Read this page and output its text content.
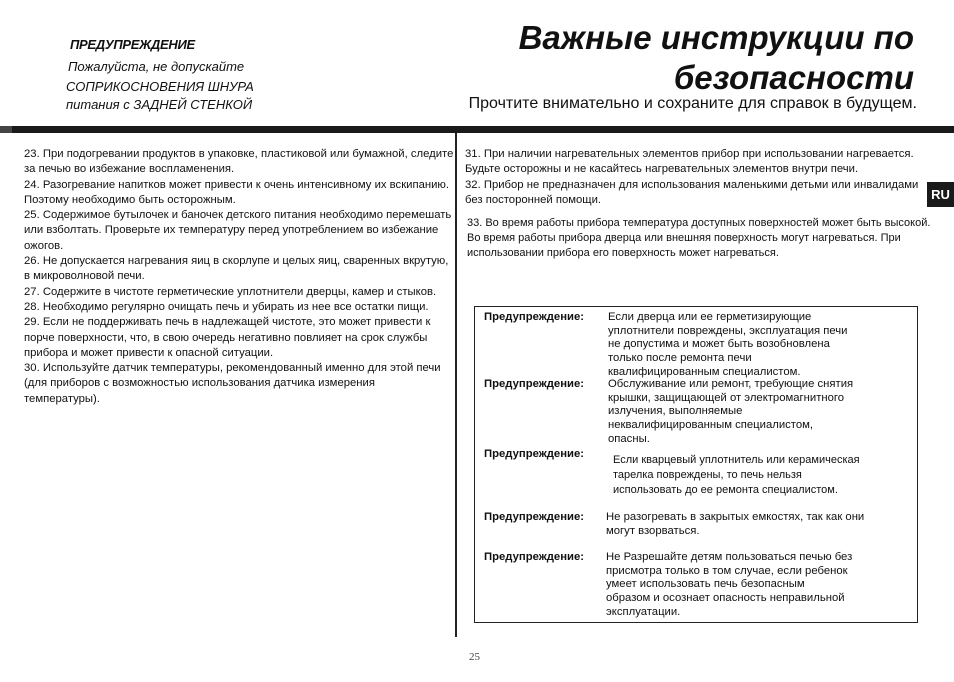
ПРЕДУПРЕЖДЕНИЕ
Пожалуйста, не допускайте
СОПРИКОСНОВЕНИЯ ШНУРА
питания с ЗАДНЕЙ СТЕНКОЙ
Важные инструкции по
безопасности
Прочтите внимательно и сохраните для справок в будущем.

23. При подогревании продуктов в упаковке, пластиковой или бумажной, следите за печью во избежание воспламенения.

24. Разогревание напитков может привести к очень интенсивному их вскипанию. Поэтому необходимо быть осторожным.

25. Содержимое бутылочек и баночек детского питания необходимо перемешать или взболтать. Проверьте их температуру перед употреблением во избежание ожогов.

26. Не допускается нагревания яиц в скорлупе и целых яиц, сваренных вкрутую, в микроволновой печи.

27. Содержите в чистоте герметические уплотнители дверцы, камер и стыков.

28. Необходимо регулярно очищать печь и убирать из нее все остатки пищи.

29. Если не поддерживать печь в надлежащей чистоте, это может привести к порче поверхности, что, в свою очередь негативно повлияет на срок службы прибора и может привести к опасной ситуации.

30. Используйте датчик температуры, рекомендованный именно для этой печи (для приборов с возможностью использования датчика измерения температуры).

31. При наличии нагревательных элементов прибор при использовании нагревается. Будьте осторожны и не касайтесь нагревательных элементов внутри печи.

32. Прибор не предназначен для использования маленькими детьми или инвалидами без посторонней помощи.

33. Во время работы прибора температура доступных поверхностей может быть высокой. Во время работы прибора дверца или внешняя поверхность могут нагреваться. При использовании прибора его поверхность может нагреваться.

RU
Предупреждение: Если дверца или ее герметизирующие

уплотнители повреждены, эксплуатация печи

не допустима и может быть возобновлена

только после ремонта печи

квалифицированным специалистом.

Предупреждение: Обслуживание или ремонт, требующие снятия

крышки, защищающей от электромагнитного

излучения, выполняемые

неквалифицированным специалистом,

опасны.

Предупреждение:	Если кварцевый уплотнитель или керамическая

тарелка повреждены, то печь нельзя

использовать до ее ремонта специалистом.

Предупреждение: Не разогревать в закрытых емкостях, так как они

могут взорваться.

Предупреждение: Не Разрешайте детям пользоваться печью без

присмотра только в том случае, если ребенок

умеет использовать печь безопасным

образом и осознает опасность неправильной

эксплуатации.

25
